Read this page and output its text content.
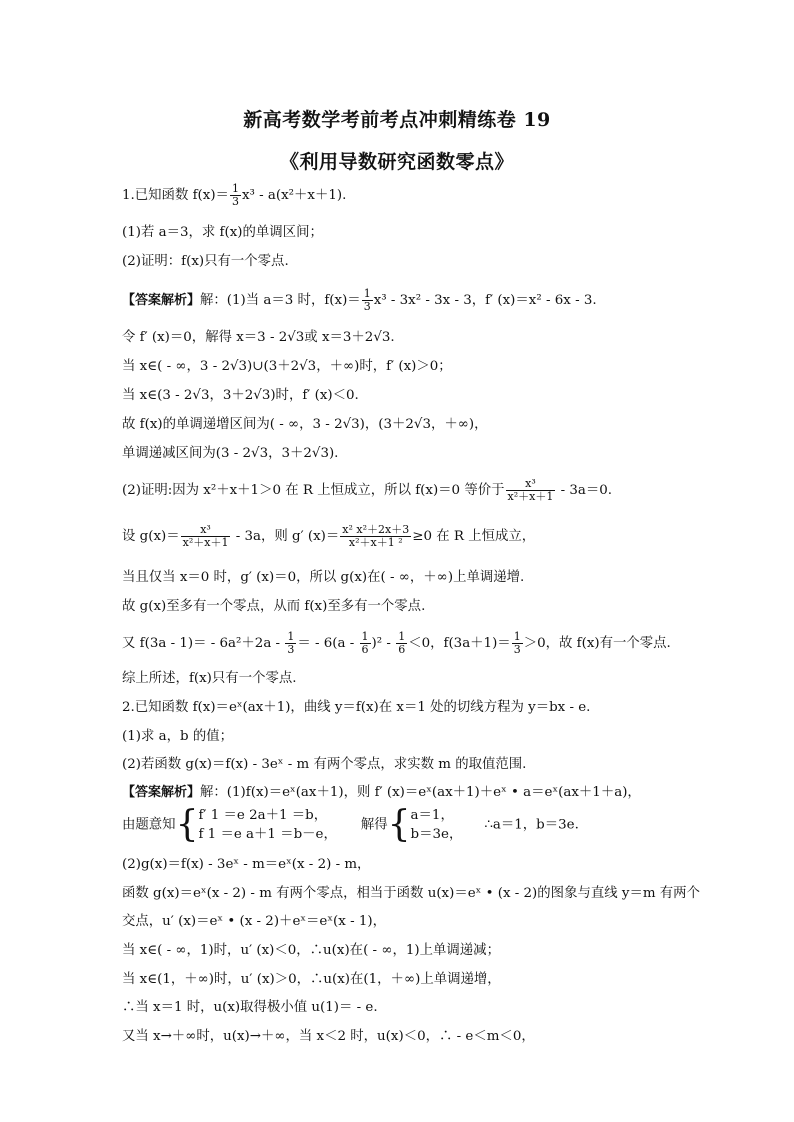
新高考数学考前考点冲刺精练卷 19
《利用导数研究函数零点》
1.已知函数 $f(x)= \frac{1}{3} x^3 - a(x^2+x+1)$.
(1)若 a＝3，求 f(x)的单调区间；
(2)证明：f(x)只有一个零点.
【答案解析】解：(1)当 a＝3 时，$f(x)= \frac{1}{3} x^3 - 3x^2 - 3x - 3$，f′ (x)＝x² - 6x - 3.
令 f′ (x)＝0，解得 x＝3 - 2√3或 x＝3＋2√3.
当 x∈( - ∞，3 - 2√3)∪(3＋2√3，＋∞)时，f′ (x)＞0；
当 x∈(3 - 2√3，3＋2√3)时，f′ (x)＜0.
故 f(x)的单调递增区间为( - ∞，3 - 2√3)，(3＋2√3，＋∞)，
单调递减区间为(3 - 2√3，3＋2√3).
(2)证明:因为 x²＋x＋1＞0 在 R 上恒成立，所以 f(x)＝0 等价于 $\frac{\text{x³}}{\text{x²＋x＋1}} - 3a=0$.
设 $g(x)= \frac{\text{x³}}{\text{x²＋x＋1}} - 3a$，则 g′ $(x)= \frac{\text{x² x²＋2x＋3}}{\text{x²＋x＋1 ²}} \ge 0$ 在 R 上恒成立，
当且仅当 x＝0 时，g′ (x)＝0，所以 g(x)在( - ∞，＋∞)上单调递增.
故 g(x)至多有一个零点，从而 f(x)至多有一个零点.
又 $f(3a - 1)= - 6a^2+2a - \frac{1}{3}$ ＝ - $6(a - \frac{1}{6} )^2 - \frac{1}{6} <0$，$f(3a+1)= \frac{1}{3} >0$，故 f(x)有一个零点.
综上所述，f(x)只有一个零点.
2.已知函数 f(x)＝eˣ(ax＋1)，曲线 y＝f(x)在 x＝1 处的切线方程为 y＝bx - e.
(1)求 a，b 的值；
(2)若函数 g(x)＝f(x) - 3eˣ - m 有两个零点，求实数 m 的取值范围.
【答案解析】解：(1)f(x)＝eˣ(ax＋1)，则 f′ (x)＝eˣ(ax＋1)＋eˣ • a＝eˣ(ax＋1＋a)，
由题意知{ f′ 1 ＝e 2a＋1 ＝b，
f 1 ＝e a＋1 ＝b－e，
解得{ a＝1，
b＝3e，
∴a＝1，b＝3e.
(2)g(x)＝f(x) - 3eˣ - m＝eˣ(x - 2) - m，
函数 g(x)＝eˣ(x - 2) - m 有两个零点，相当于函数 u(x)＝eˣ • (x - 2)的图象与直线 y＝m 有两个
交点，u′ (x)＝eˣ • (x - 2)＋eˣ＝eˣ(x - 1)，
当 x∈( - ∞，1)时，u′ (x)＜0，∴u(x)在( - ∞，1)上单调递减；
当 x∈(1，＋∞)时，u′ (x)＞0，∴u(x)在(1，＋∞)上单调递增，
∴当 x＝1 时，u(x)取得极小值 u(1)＝ - e.
又当 x→＋∞时，u(x)→＋∞，当 x＜2 时，u(x)＜0，∴ - e＜m＜0，
